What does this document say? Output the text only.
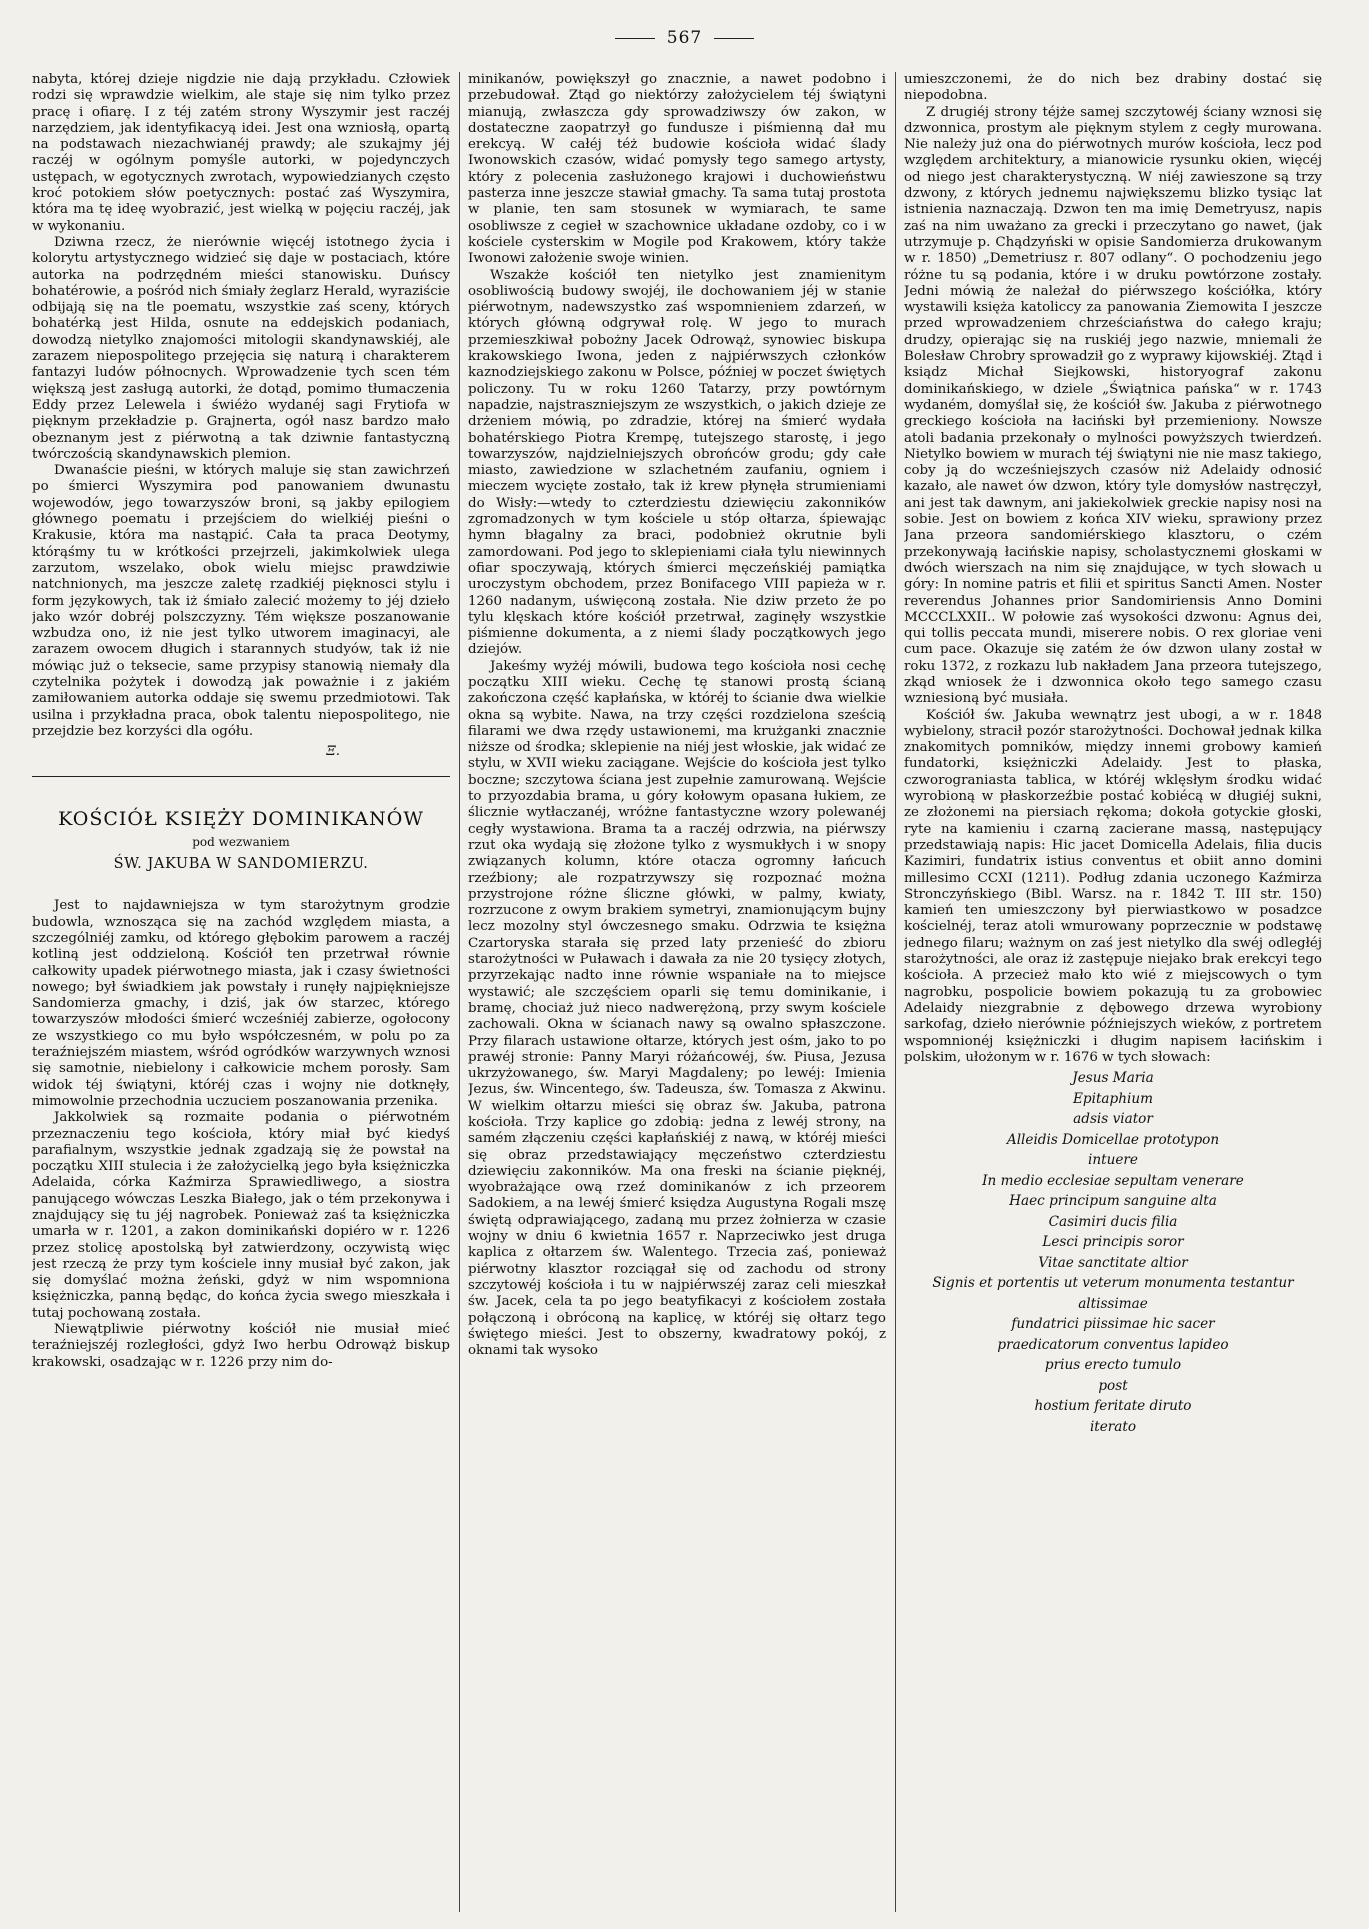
567

nabyta, której dzieje nigdzie nie dają przykładu. Człowiek rodzi się wprawdzie wielkim, ale staje się nim tylko przez pracę i ofiarę. I z téj zatém strony Wyszymir jest raczéj narzędziem, jak identyfikacyą idei. Jest ona wzniosłą, opartą na podstawach niezachwianéj prawdy; ale szukajmy jéj raczéj w ogólnym pomyśle autorki, w pojedynczych ustępach, w egotycznych zwrotach, wypowiedzianych często kroć potokiem słów poetycznych: postać zaś Wyszymira, która ma tę ideę wyobrazić, jest wielką w pojęciu raczéj, jak w wykonaniu.

Dziwna rzecz, że nierównie więcéj istotnego życia i kolorytu artystycznego widzieć się daje w postaciach, które autorka na podrzędném mieści stanowisku. Duńscy bohatérowie, a pośród nich śmiały żeglarz Herald, wyraziście odbijają się na tle poematu, wszystkie zaś sceny, których bohatérką jest Hilda, osnute na eddejskich podaniach, dowodzą nietylko znajomości mitologii skandynawskiéj, ale zarazem niepospolitego przejęcia się naturą i charakterem fantazyi ludów północnych. Wprowadzenie tych scen tém większą jest zasługą autorki, że dotąd, pomimo tłumaczenia Eddy przez Lelewela i świéżo wydanéj sagi Frytiofa w pięknym przekładzie p. Grajnerta, ogół nasz bardzo mało obeznanym jest z piérwotną a tak dziwnie fantastyczną twórczością skandynawskich plemion.

Dwanaście pieśni, w których maluje się stan zawichrzeń po śmierci Wyszymira pod panowaniem dwunastu wojewodów, jego towarzyszów broni, są jakby epilogiem głównego poematu i przejściem do wielkiéj pieśni o Krakusie, która ma nastąpić. Cała ta praca Deotymy, którąśmy tu w krótkości przejrzeli, jakimkolwiek ulega zarzutom, wszelako, obok wielu miejsc prawdziwie natchnionych, ma jeszcze zaletę rzadkiéj pięknosci stylu i form językowych, tak iż śmiało zalecić możemy to jéj dzieło jako wzór dobréj polszczyzny. Tém większe poszanowanie wzbudza ono, iż nie jest tylko utworem imaginacyi, ale zarazem owocem długich i starannych studyów, tak iż nie mówiąc już o teksecie, same przypisy stanowią niemały dla czytelnika pożytek i dowodzą jak poważnie i z jakiém zamiłowaniem autorka oddaje się swemu przedmiotowi. Tak usilna i przykładna praca, obok talentu niepospolitego, nie przejdzie bez korzyści dla ogółu.

Ξ.
KOŚCIÓŁ KSIĘŻY DOMINIKANÓW
pod wezwaniem
ŚW. JAKUBA W SANDOMIERZU.

Jest to najdawniejsza w tym starożytnym grodzie budowla, wznosząca się na zachód względem miasta, a szczególniéj zamku, od którego głębokim parowem a raczéj kotliną jest oddzieloną. Kościół ten przetrwał równie całkowity upadek piérwotnego miasta, jak i czasy świetności nowego; był świadkiem jak powstały i runęły najpiękniejsze Sandomierza gmachy, i dziś, jak ów starzec, którego towarzyszów młodości śmierć wcześniéj zabierze, ogołocony ze wszystkiego co mu było współczesném, w polu po za teraźniejszém miastem, wśród ogródków warzywnych wznosi się samotnie, niebielony i całkowicie mchem porosły. Sam widok téj świątyni, któréj czas i wojny nie dotknęły, mimowolnie przechodnia uczuciem poszanowania przenika.

Jakkolwiek są rozmaite podania o piérwotném przeznaczeniu tego kościoła, który miał być kiedyś parafialnym, wszystkie jednak zgadzają się że powstał na początku XIII stulecia i że założycielką jego była księżniczka Adelaida, córka Kaźmirza Sprawiedliwego, a siostra panującego wówczas Leszka Białego, jak o tém przekonywa i znajdujący się tu jéj nagrobek. Ponieważ zaś ta księżniczka umarła w r. 1201, a zakon dominikański dopiéro w r. 1226 przez stolicę apostolską był zatwierdzony, oczywistą więc jest rzeczą że przy tym kościele inny musiał być zakon, jak się domyślać można żeński, gdyż w nim wspomniona księżniczka, panną będąc, do końca życia swego mieszkała i tutaj pochowaną została.

Niewątpliwie piérwotny kościół nie musiał mieć teraźniejszéj rozległości, gdyż Iwo herbu Odrowąż biskup krakowski, osadzając w r. 1226 przy nim do-

minikanów, powiększył go znacznie, a nawet podobno i przebudował. Ztąd go niektórzy założycielem téj świątyni mianują, zwłaszcza gdy sprowadziwszy ów zakon, w dostateczne zaopatrzył go fundusze i piśmienną dał mu erekcyą. W całéj téż budowie kościoła widać ślady Iwonowskich czasów, widać pomysły tego samego artysty, który z polecenia zasłużonego krajowi i duchowieństwu pasterza inne jeszcze stawiał gmachy. Ta sama tutaj prostota w planie, ten sam stosunek w wymiarach, te same osobliwsze z cegieł w szachownice układane ozdoby, co i w kościele cysterskim w Mogile pod Krakowem, który także Iwonowi założenie swoje winien.

Wszakże kościół ten nietylko jest znamienitym osobliwością budowy swojéj, ile dochowaniem jéj w stanie piérwotnym, nadewszystko zaś wspomnieniem zdarzeń, w których główną odgrywał rolę. W jego to murach przemieszkiwał pobożny Jacek Odrowąż, synowiec biskupa krakowskiego Iwona, jeden z najpiérwszych członków kaznodziejskiego zakonu w Polsce, później w poczet świętych policzony. Tu w roku 1260 Tatarzy, przy powtórnym napadzie, najstraszniejszym ze wszystkich, o jakich dzieje ze drżeniem mówią, po zdradzie, której na śmierć wydała bohatérskiego Piotra Krempę, tutejszego starostę, i jego towarzyszów, najdzielniejszych obrońców grodu; gdy całe miasto, zawiedzione w szlachetném zaufaniu, ogniem i mieczem wycięte zostało, tak iż krew płynęła strumieniami do Wisły:—wtedy to czterdziestu dziewięciu zakonników zgromadzonych w tym kościele u stóp ołtarza, śpiewając hymn błagalny za braci, podobnież okrutnie byli zamordowani. Pod jego to sklepieniami ciała tylu niewinnych ofiar spoczywają, których śmierci męczeńskiéj pamiątka uroczystym obchodem, przez Bonifacego VIII papieża w r. 1260 nadanym, uświęconą została. Nie dziw przeto że po tylu klęskach które kościół przetrwał, zaginęły wszystkie piśmienne dokumenta, a z niemi ślady początkowych jego dziejów.

Jakeśmy wyżéj mówili, budowa tego kościoła nosi cechę początku XIII wieku. Cechę tę stanowi prostą ścianą zakończona część kapłańska, w któréj to ścianie dwa wielkie okna są wybite. Nawa, na trzy części rozdzielona sześcią filarami we dwa rzędy ustawionemi, ma krużganki znacznie niższe od środka; sklepienie na niéj jest włoskie, jak widać ze stylu, w XVII wieku zaciągane. Wejście do kościoła jest tylko boczne; szczytowa ściana jest zupełnie zamurowaną. Wejście to przyozdabia brama, u góry kołowym opasana łukiem, ze ślicznie wytłaczanéj, wróżne fantastyczne wzory polewanéj cegły wystawiona. Brama ta a raczéj odrzwia, na piérwszy rzut oka wydają się złożone tylko z wysmukłych i w snopy związanych kolumn, które otacza ogromny łańcuch rzeźbiony; ale rozpatrzywszy się rozpoznać można przystrojone różne śliczne główki, w palmy, kwiaty, rozrzucone z owym brakiem symetryi, znamionującym bujny lecz mozolny styl ówczesnego smaku. Odrzwia te księżna Czartoryska starała się przed laty przenieść do zbioru starożytności w Puławach i dawała za nie 20 tysięcy złotych, przyrzekając nadto inne równie wspaniałe na to miejsce wystawić; ale szczęściem oparli się temu dominikanie, i bramę, chociaż już nieco nadwerężoną, przy swym kościele zachowali. Okna w ścianach nawy są owalno spłaszczone. Przy filarach ustawione ołtarze, których jest ośm, jako to po prawéj stronie: Panny Maryi różańcowéj, św. Piusa, Jezusa ukrzyżowanego, św. Maryi Magdaleny; po lewéj: Imienia Jezus, św. Wincentego, św. Tadeusza, św. Tomasza z Akwinu. W wielkim ołtarzu mieści się obraz św. Jakuba, patrona kościoła. Trzy kaplice go zdobią: jedna z lewéj strony, na samém złączeniu części kapłańskiéj z nawą, w któréj mieści się obraz przedstawiający męczeństwo czterdziestu dziewięciu zakonników. Ma ona freski na ścianie pięknéj, wyobrażające ową rzeź dominikanów z ich przeorem Sadokiem, a na lewéj śmierć księdza Augustyna Rogali mszę świętą odprawiającego, zadaną mu przez żołnierza w czasie wojny w dniu 6 kwietnia 1657 r. Naprzeciwko jest druga kaplica z ołtarzem św. Walentego. Trzecia zaś, ponieważ piérwotny klasztor rozciągał się od zachodu od strony szczytowéj kościoła i tu w najpiérwszéj zaraz celi mieszkał św. Jacek, cela ta po jego beatyfikacyi z kościołem została połączoną i obróconą na kaplicę, w któréj się ołtarz tego świętego mieści. Jest to obszerny, kwadratowy pokój, z oknami tak wysoko

umieszczonemi, że do nich bez drabiny dostać się niepodobna.

Z drugiéj strony téjże samej szczytowéj ściany wznosi się dzwonnica, prostym ale pięknym stylem z cegły murowana. Nie należy już ona do piérwotnych murów kościoła, lecz pod względem architektury, a mianowicie rysunku okien, więcéj od niego jest charakterystyczną. W niéj zawieszone są trzy dzwony, z których jednemu największemu blizko tysiąc lat istnienia naznaczają. Dzwon ten ma imię Demetryusz, napis zaś na nim uważano za grecki i przeczytano go nawet, (jak utrzymuje p. Chądzyński w opisie Sandomierza drukowanym w r. 1850) „Demetriusz r. 807 odlany“. O pochodzeniu jego różne tu są podania, które i w druku powtórzone zostały. Jedni mówią że należał do piérwszego kościółka, który wystawili księża katoliccy za panowania Ziemowita I jeszcze przed wprowadzeniem chrześciaństwa do całego kraju; drudzy, opierając się na ruskiéj jego nazwie, mniemali że Bolesław Chrobry sprowadził go z wyprawy kijowskiéj. Ztąd i ksiądz Michał Siejkowski, historyograf zakonu dominikańskiego, w dziele „Świątnica pańska“ w r. 1743 wydaném, domyślał się, że kościół św. Jakuba z piérwotnego greckiego kościoła na łaciński był przemieniony. Nowsze atoli badania przekonały o mylności powyższych twierdzeń. Nietylko bowiem w murach téj świątyni nie nie masz takiego, coby ją do wcześniejszych czasów niż Adelaidy odnosić kazało, ale nawet ów dzwon, który tyle domysłów nastręczył, ani jest tak dawnym, ani jakiekolwiek greckie napisy nosi na sobie. Jest on bowiem z końca XIV wieku, sprawiony przez Jana przeora sandomiérskiego klasztoru, o czém przekonywają łacińskie napisy, scholastycznemi głoskami w dwóch wierszach na nim się znajdujące, w tych słowach u góry: In nomine patris et filii et spiritus Sancti Amen. Noster reverendus Johannes prior Sandomiriensis Anno Domini MCCCLXXII.. W połowie zaś wysokości dzwonu: Agnus dei, qui tollis peccata mundi, miserere nobis. O rex gloriae veni cum pace. Okazuje się zatém że ów dzwon ulany został w roku 1372, z rozkazu lub nakładem Jana przeora tutejszego, zkąd wniosek że i dzwonnica około tego samego czasu wzniesioną być musiała.

Kościół św. Jakuba wewnątrz jest ubogi, a w r. 1848 wybielony, stracił pozór starożytności. Dochował jednak kilka znakomitych pomników, między innemi grobowy kamień fundatorki, księżniczki Adelaidy. Jest to płaska, czworograniasta tablica, w któréj wklęsłym środku widać wyrobioną w płaskorzeźbie postać kobiécą w długiéj sukni, ze złożonemi na piersiach rękoma; dokoła gotyckie głoski, ryte na kamieniu i czarną zacierane massą, następujący przedstawiają napis: Hic jacet Domicella Adelais, filia ducis Kazimiri, fundatrix istius conventus et obiit anno domini millesimo CCXI (1211). Podług zdania uczonego Kaźmirza Stronczyńskiego (Bibl. Warsz. na r. 1842 T. III str. 150) kamień ten umieszczony był pierwiastkowo w posadzce kościelnéj, teraz atoli wmurowany poprzecznie w podstawę jednego filaru; ważnym on zaś jest nietylko dla swéj odległéj starożytności, ale oraz iż zastępuje niejako brak erekcyi tego kościoła. A przecież mało kto wié z miejscowych o tym nagrobku, pospolicie bowiem pokazują tu za grobowiec Adelaidy niezgrabnie z dębowego drzewa wyrobiony sarkofag, dzieło nierównie późniejszych wieków, z portretem wspomnionéj księżniczki i długim napisem łacińskim i polskim, ułożonym w r. 1676 w tych słowach:

Jesus Maria
Epitaphium
adsis viator
Alleidis Domicellae prototypon
intuere
In medio ecclesiae sepultam venerare
Haec principum sanguine alta
Casimiri ducis filia
Lesci principis soror
Vitae sanctitate altior
Signis et portentis ut veterum monumenta testantur
altissimae
fundatrici piissimae hic sacer
praedicatorum conventus lapideo
prius erecto tumulo
post
hostium feritate diruto
iterato
